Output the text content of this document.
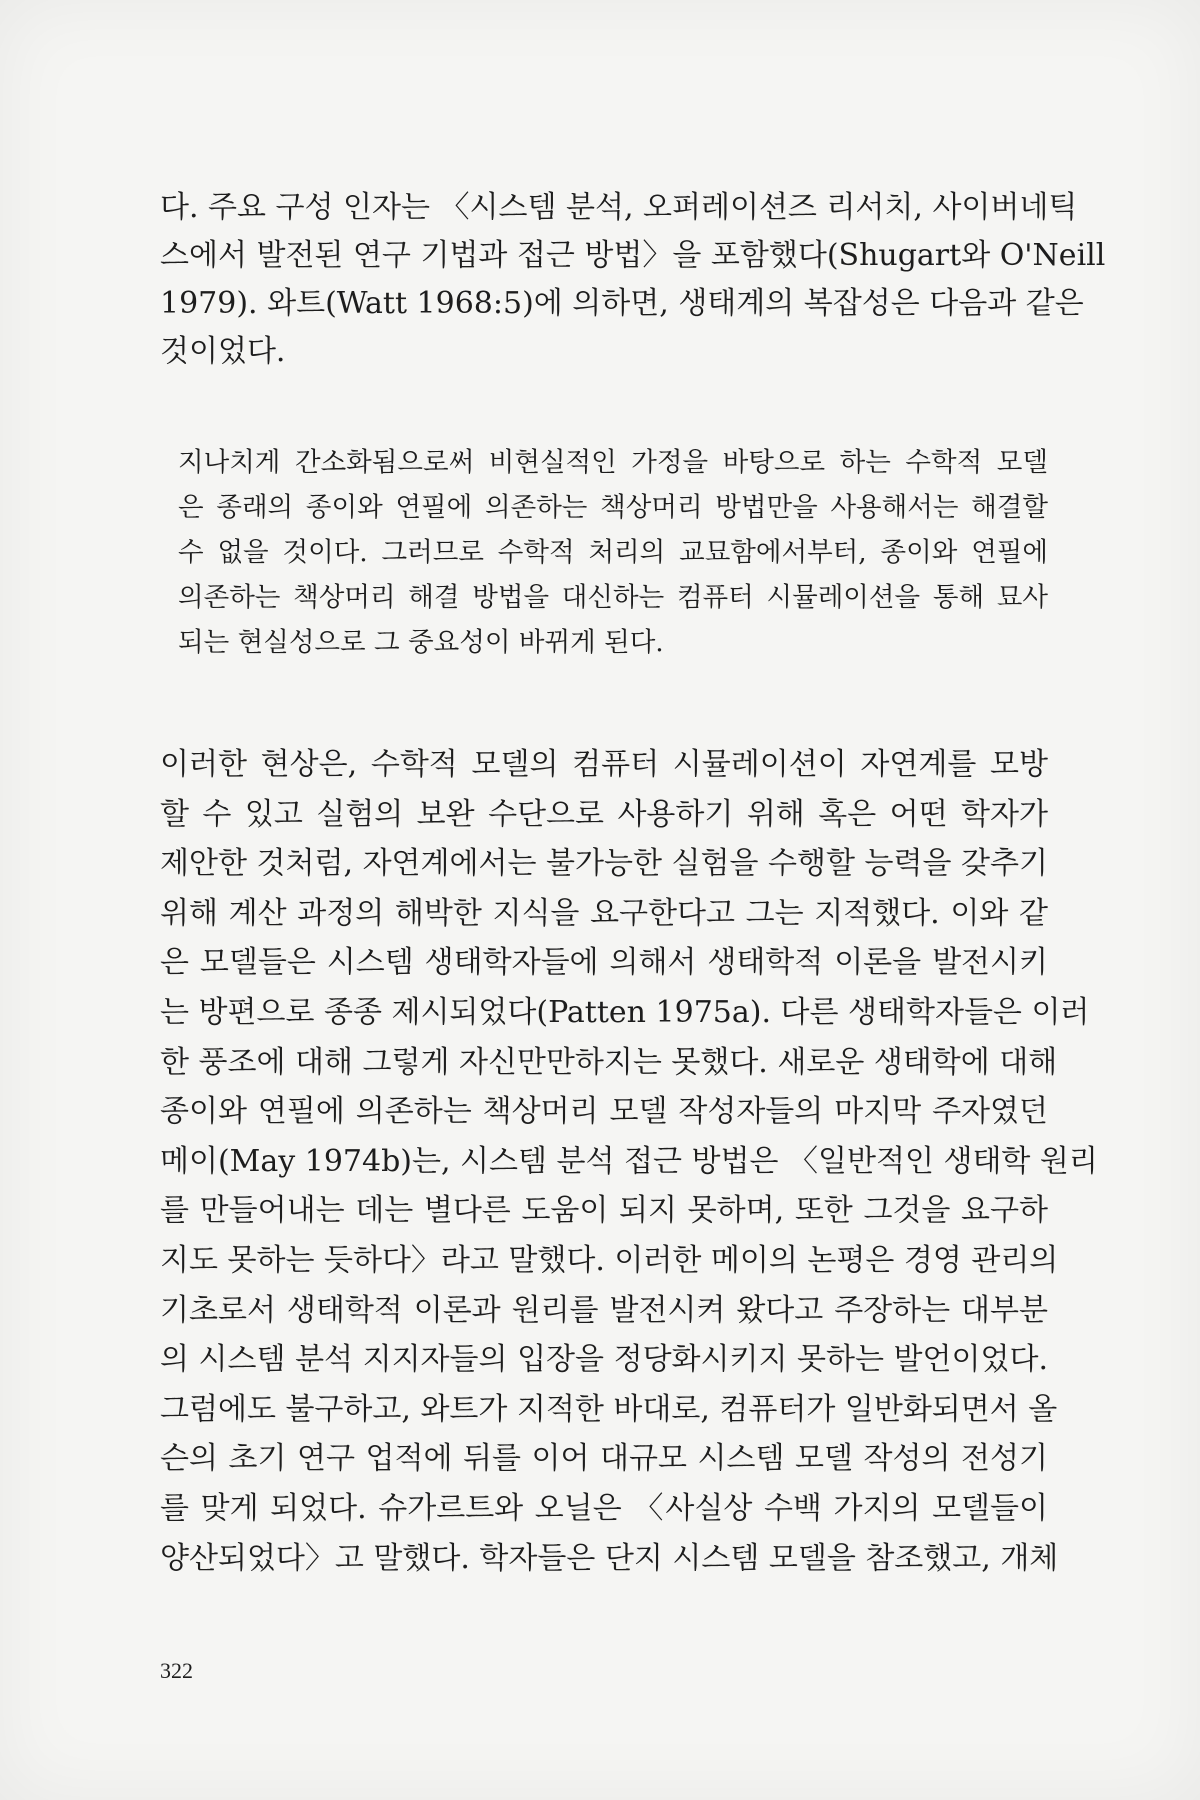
다. 주요 구성 인자는 〈시스템 분석, 오퍼레이션즈 리서치, 사이버네틱
스에서 발전된 연구 기법과 접근 방법〉을 포함했다(Shugart와 O'Neill
1979). 와트(Watt 1968:5)에 의하면, 생태계의 복잡성은 다음과 같은
것이었다.
지나치게 간소화됨으로써 비현실적인 가정을 바탕으로 하는 수학적 모델
은 종래의 종이와 연필에 의존하는 책상머리 방법만을 사용해서는 해결할
수 없을 것이다. 그러므로 수학적 처리의 교묘함에서부터, 종이와 연필에
의존하는 책상머리 해결 방법을 대신하는 컴퓨터 시뮬레이션을 통해 묘사
되는 현실성으로 그 중요성이 바뀌게 된다.
이러한 현상은, 수학적 모델의 컴퓨터 시뮬레이션이 자연계를 모방
할 수 있고 실험의 보완 수단으로 사용하기 위해 혹은 어떤 학자가
제안한 것처럼, 자연계에서는 불가능한 실험을 수행할 능력을 갖추기
위해 계산 과정의 해박한 지식을 요구한다고 그는 지적했다. 이와 같
은 모델들은 시스템 생태학자들에 의해서 생태학적 이론을 발전시키
는 방편으로 종종 제시되었다(Patten 1975a). 다른 생태학자들은 이러
한 풍조에 대해 그렇게 자신만만하지는 못했다. 새로운 생태학에 대해
종이와 연필에 의존하는 책상머리 모델 작성자들의 마지막 주자였던
메이(May 1974b)는, 시스템 분석 접근 방법은 〈일반적인 생태학 원리
를 만들어내는 데는 별다른 도움이 되지 못하며, 또한 그것을 요구하
지도 못하는 듯하다〉라고 말했다. 이러한 메이의 논평은 경영 관리의
기초로서 생태학적 이론과 원리를 발전시켜 왔다고 주장하는 대부분
의 시스템 분석 지지자들의 입장을 정당화시키지 못하는 발언이었다.
그럼에도 불구하고, 와트가 지적한 바대로, 컴퓨터가 일반화되면서 올
슨의 초기 연구 업적에 뒤를 이어 대규모 시스템 모델 작성의 전성기
를 맞게 되었다. 슈가르트와 오닐은 〈사실상 수백 가지의 모델들이
양산되었다〉고 말했다. 학자들은 단지 시스템 모델을 참조했고, 개체
322
